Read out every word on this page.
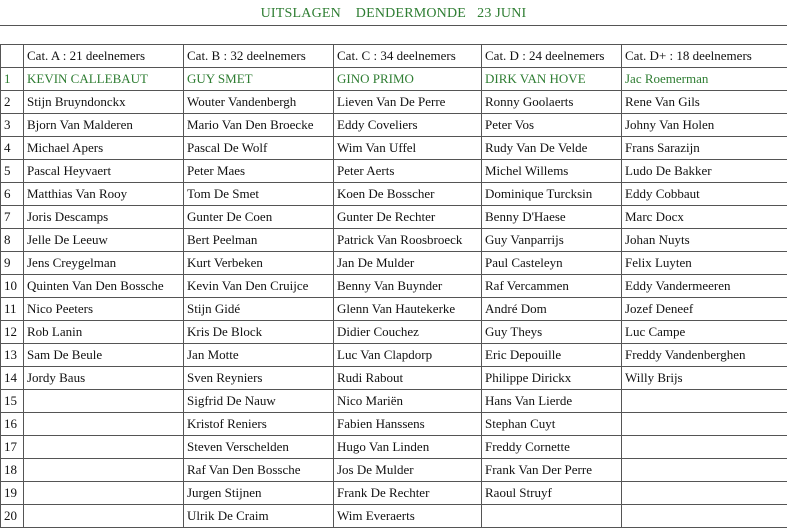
UITSLAGEN    DENDERMONDE   23 JUNI
	Cat. A : 21 deelnemers	Cat. B : 32 deelnemers	Cat. C : 34 deelnemers	Cat. D : 24 deelnemers	Cat. D+ : 18 deelnemers
1	KEVIN CALLEBAUT	GUY SMET	GINO PRIMO	DIRK VAN HOVE	Jac Roemerman
2	Stijn Bruyndonckx	Wouter Vandenbergh	Lieven Van De Perre	Ronny Goolaerts	Rene Van Gils
3	Bjorn Van Malderen	Mario Van Den Broecke	Eddy Coveliers	Peter Vos	Johny Van Holen
4	Michael Apers	Pascal De Wolf	Wim Van Uffel	Rudy Van De Velde	Frans Sarazijn
5	Pascal Heyvaert	Peter Maes	Peter Aerts	Michel Willems	Ludo De Bakker
6	Matthias Van Rooy	Tom De Smet	Koen De Bosscher	Dominique Turcksin	Eddy Cobbaut
7	Joris Descamps	Gunter De Coen	Gunter De Rechter	Benny D'Haese	Marc Docx
8	Jelle De Leeuw	Bert Peelman	Patrick Van Roosbroeck	Guy Vanparrijs	Johan Nuyts
9	Jens Creygelman	Kurt Verbeken	Jan De Mulder	Paul Casteleyn	Felix Luyten
10	Quinten Van Den Bossche	Kevin Van Den Cruijce	Benny Van Buynder	Raf Vercammen	Eddy Vandermeeren
11	Nico Peeters	Stijn Gidé	Glenn Van Hautekerke	André Dom	Jozef Deneef
12	Rob Lanin	Kris De Block	Didier Couchez	Guy Theys	Luc Campe
13	Sam De Beule	Jan Motte	Luc Van Clapdorp	Eric Depouille	Freddy Vandenberghen
14	Jordy Baus	Sven Reyniers	Rudi Rabout	Philippe Dirickx	Willy Brijs
15		Sigfrid De Nauw	Nico Mariën	Hans Van Lierde	
16		Kristof Reniers	Fabien Hanssens	Stephan Cuyt	
17		Steven Verschelden	Hugo Van Linden	Freddy Cornette	
18		Raf Van Den Bossche	Jos De Mulder	Frank Van Der Perre	
19		Jurgen Stijnen	Frank De Rechter	Raoul Struyf	
20		Ulrik De Craim	Wim Everaerts		
